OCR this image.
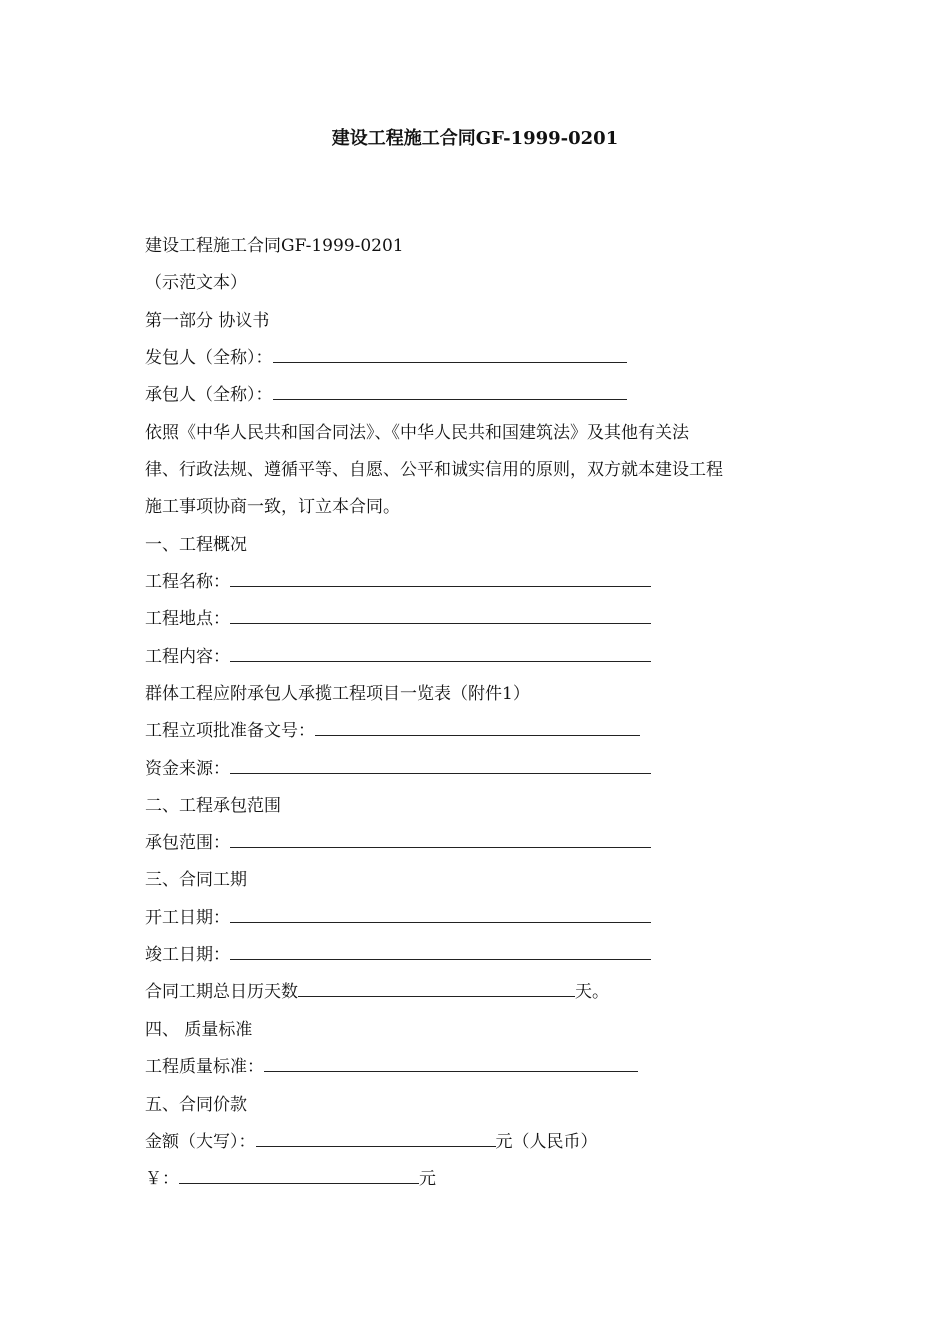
建设工程施工合同GF-1999-0201
建设工程施工合同GF-1999-0201
（示范文本）
第一部分 协议书
发包人（全称）：
承包人（全称）：
依照《中华人民共和国合同法》、《中华人民共和国建筑法》及其他有关法
律、行政法规、遵循平等、自愿、公平和诚实信用的原则，双方就本建设工程
施工事项协商一致，订立本合同。
一、工程概况
工程名称：
工程地点：
工程内容：
群体工程应附承包人承揽工程项目一览表（附件1）
工程立项批准备文号：
资金来源：
二、工程承包范围
承包范围：
三、合同工期
开工日期：
竣工日期：
合同工期总日历天数	天。
四、 质量标准
工程质量标准：
五、合同价款
金额（大写）：	元（人民币）
￥：	元
